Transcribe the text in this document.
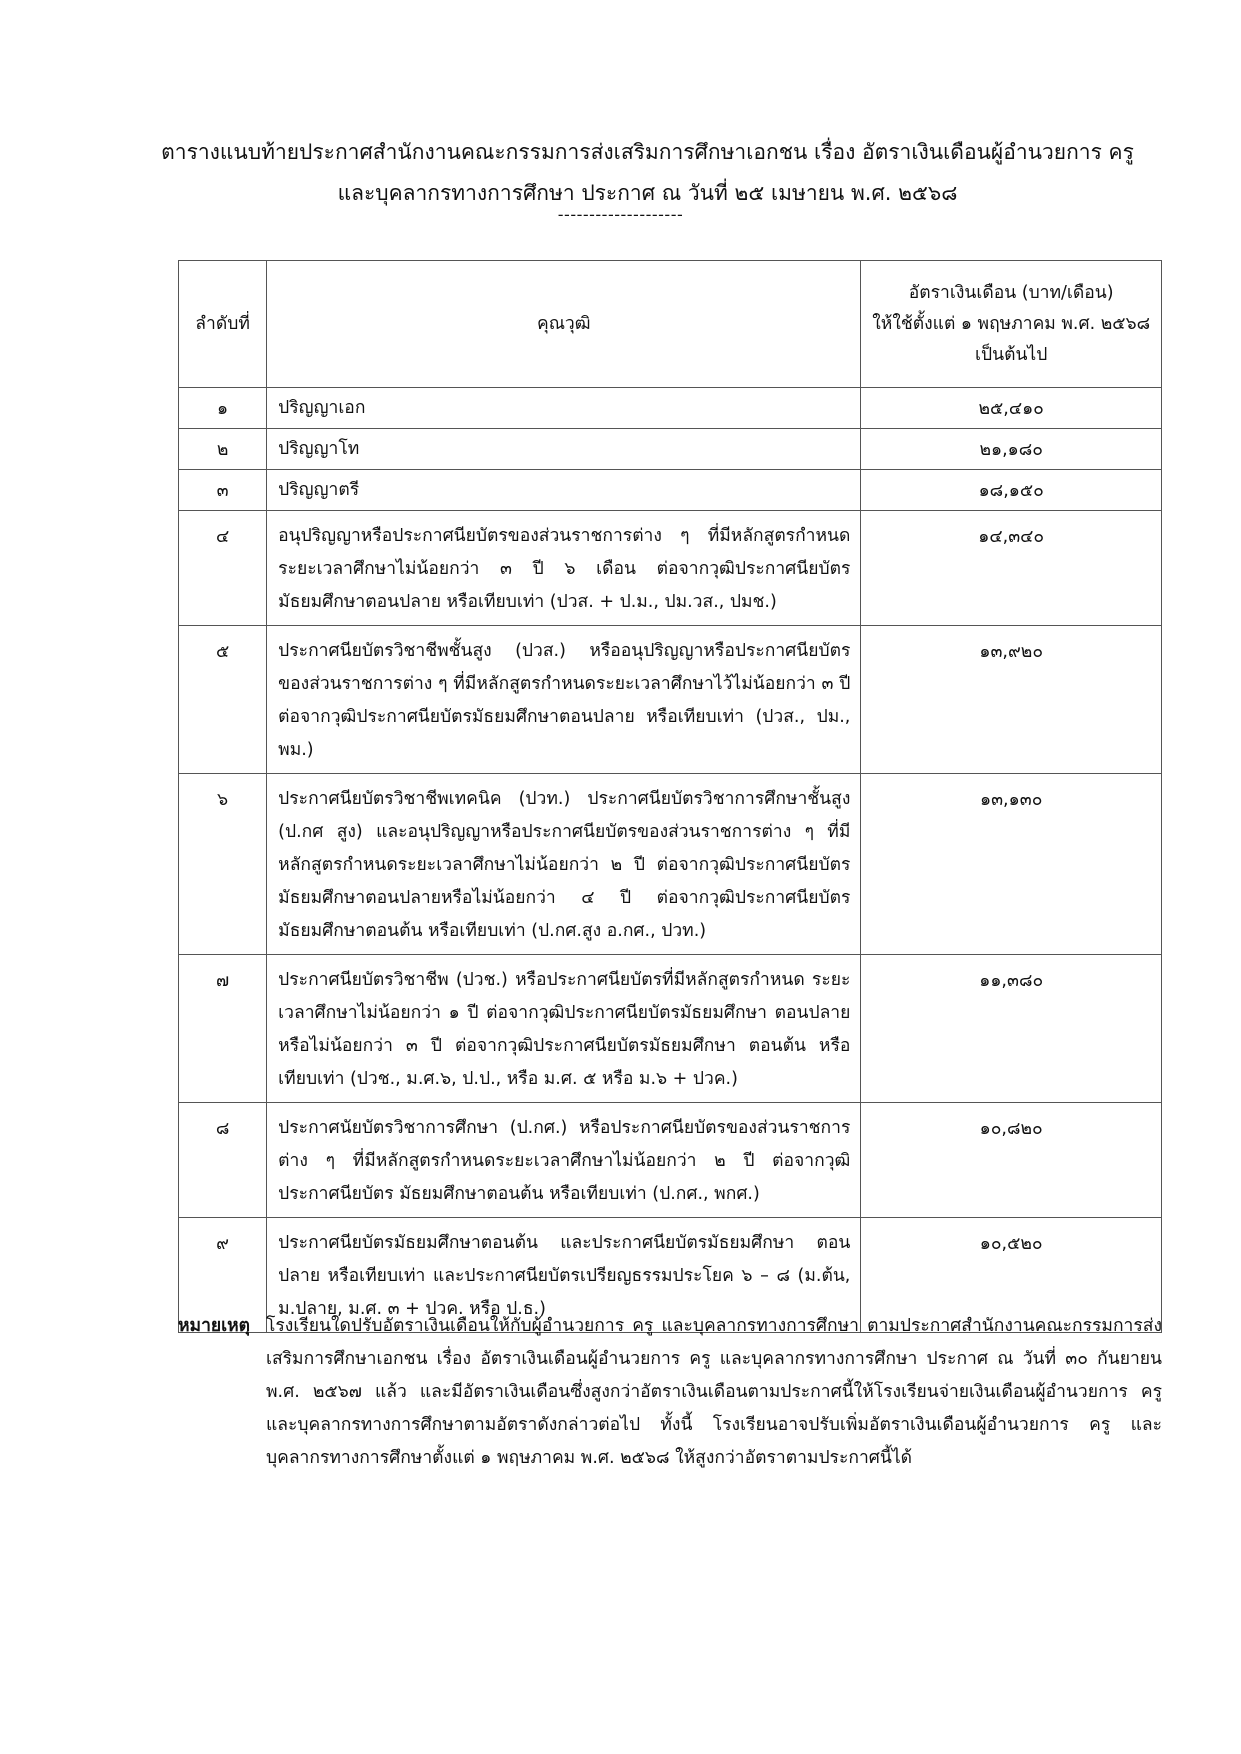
ตารางแนบท้ายประกาศสำนักงานคณะกรรมการส่งเสริมการศึกษาเอกชน เรื่อง อัตราเงินเดือนผู้อำนวยการ ครู
และบุคลากรทางการศึกษา ประกาศ ณ วันที่ ๒๕ เมษายน พ.ศ. ๒๕๖๘
--------------------
ลำดับที่	คุณวุฒิ	อัตราเงินเดือน (บาท/เดือน)
ให้ใช้ตั้งแต่ ๑ พฤษภาคม พ.ศ. ๒๕๖๘
เป็นต้นไป

๑	ปริญญาเอก	๒๕,๔๑๐
๒	ปริญญาโท	๒๑,๑๘๐
๓	ปริญญาตรี	๑๘,๑๕๐
๔	อนุปริญญาหรือประกาศนียบัตรของส่วนราชการต่าง ๆ ที่มีหลักสูตรกำหนด ระยะเวลาศึกษาไม่น้อยกว่า ๓ ปี ๖ เดือน ต่อจากวุฒิประกาศนียบัตร มัธยมศึกษาตอนปลาย หรือเทียบเท่า (ปวส. + ป.ม., ปม.วส., ปมช.)	๑๔,๓๔๐
๕	ประกาศนียบัตรวิชาชีพชั้นสูง (ปวส.) หรืออนุปริญญาหรือประกาศนียบัตร ของส่วนราชการต่าง ๆ ที่มีหลักสูตรกำหนดระยะเวลาศึกษาไว้ไม่น้อยกว่า ๓ ปี ต่อจากวุฒิประกาศนียบัตรมัธยมศึกษาตอนปลาย หรือเทียบเท่า (ปวส., ปม., พม.)	๑๓,๙๒๐
๖	ประกาศนียบัตรวิชาชีพเทคนิค (ปวท.) ประกาศนียบัตรวิชาการศึกษาชั้นสูง (ป.กศ สูง) และอนุปริญญาหรือประกาศนียบัตรของส่วนราชการต่าง ๆ ที่มีหลักสูตรกำหนดระยะเวลาศึกษาไม่น้อยกว่า ๒ ปี ต่อจากวุฒิประกาศนียบัตร มัธยมศึกษาตอนปลายหรือไม่น้อยกว่า ๔ ปี ต่อจากวุฒิประกาศนียบัตร มัธยมศึกษาตอนต้น หรือเทียบเท่า (ป.กศ.สูง อ.กศ., ปวท.)	๑๓,๑๓๐
๗	ประกาศนียบัตรวิชาชีพ (ปวช.) หรือประกาศนียบัตรที่มีหลักสูตรกำหนด ระยะเวลาศึกษาไม่น้อยกว่า ๑ ปี ต่อจากวุฒิประกาศนียบัตรมัธยมศึกษา ตอนปลาย หรือไม่น้อยกว่า ๓ ปี ต่อจากวุฒิประกาศนียบัตรมัธยมศึกษา ตอนต้น หรือเทียบเท่า (ปวช., ม.ศ.๖, ป.ป., หรือ ม.ศ. ๕ หรือ ม.๖ + ปวค.)	๑๑,๓๘๐
๘	ประกาศนัยบัตรวิชาการศึกษา (ป.กศ.) หรือประกาศนียบัตรของส่วนราชการต่าง ๆ ที่มีหลักสูตรกำหนดระยะเวลาศึกษาไม่น้อยกว่า ๒ ปี ต่อจากวุฒิประกาศนียบัตร มัธยมศึกษาตอนต้น หรือเทียบเท่า (ป.กศ., พกศ.)	๑๐,๘๒๐
๙	ประกาศนียบัตรมัธยมศึกษาตอนต้น และประกาศนียบัตรมัธยมศึกษา ตอนปลาย หรือเทียบเท่า และประกาศนียบัตรเปรียญธรรมประโยค ๖ – ๘ (ม.ต้น, ม.ปลาย, ม.ศ. ๓ + ปวค. หรือ ป.ธ.)	๑๐,๕๒๐
หมายเหตุ โรงเรียนใดปรับอัตราเงินเดือนให้กับผู้อำนวยการ ครู และบุคลากรทางการศึกษา ตามประกาศสำนักงานคณะกรรมการส่งเสริมการศึกษาเอกชน เรื่อง อัตราเงินเดือนผู้อำนวยการ ครู และบุคลากรทางการศึกษา ประกาศ ณ วันที่ ๓๐ กันยายน พ.ศ. ๒๕๖๗ แล้ว และมีอัตราเงินเดือนซึ่งสูงกว่าอัตราเงินเดือนตามประกาศนี้ให้โรงเรียนจ่ายเงินเดือนผู้อำนวยการ ครู และบุคลากรทางการศึกษาตามอัตราดังกล่าวต่อไป ทั้งนี้ โรงเรียนอาจปรับเพิ่มอัตราเงินเดือนผู้อำนวยการ ครู และบุคลากรทางการศึกษาตั้งแต่ ๑ พฤษภาคม พ.ศ. ๒๕๖๘ ให้สูงกว่าอัตราตามประกาศนี้ได้
